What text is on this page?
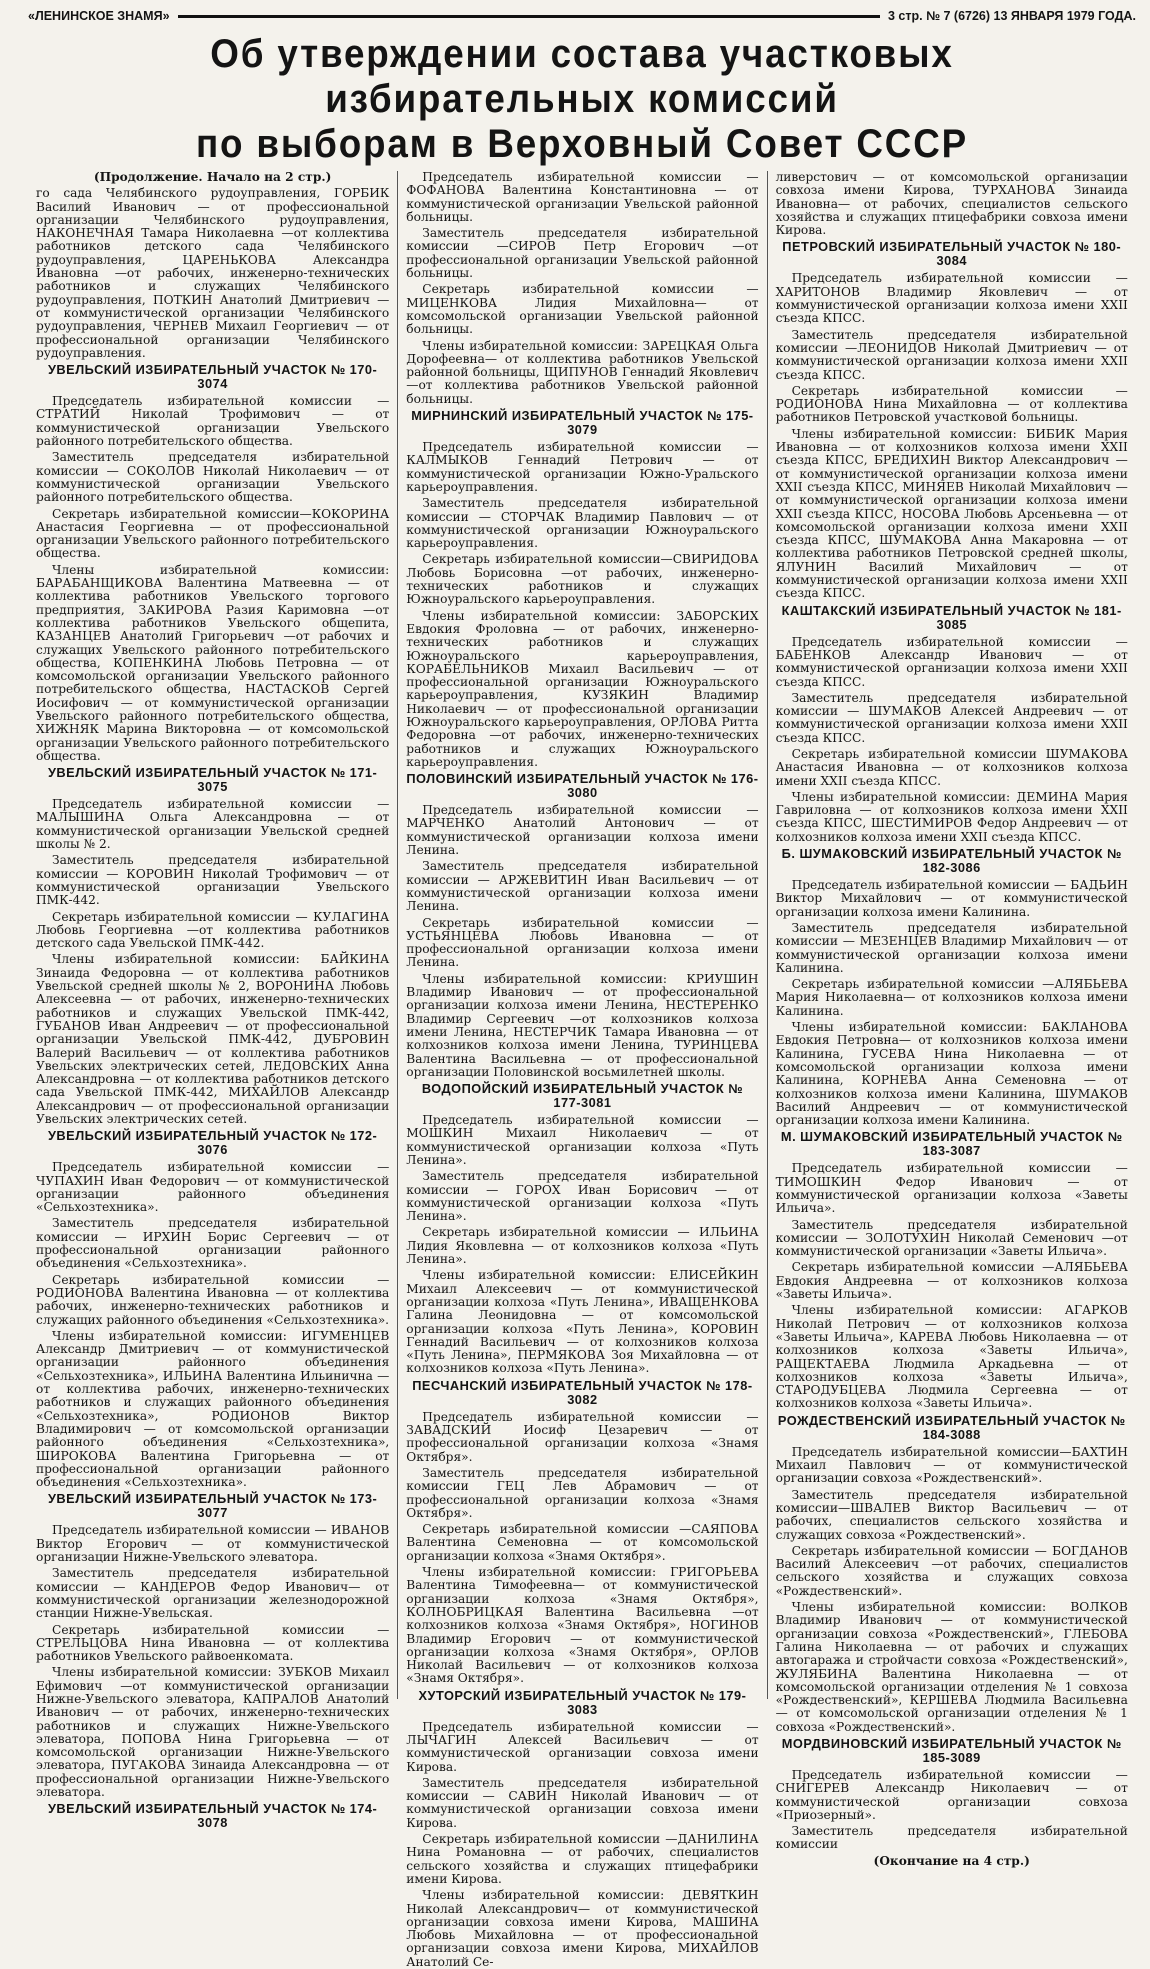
«ЛЕНИНСКОЕ ЗНАМЯ»	3 стр. № 7 (6726) 13 ЯНВАРЯ 1979 ГОДА.
Об утверждении состава участковых избирательных комиссий
по выборам в Верховный Совет СССР

(Продолжение. Начало на 2 стр.)

го сада Челябинского рудоуправления, ГОРБИК Василий Иванович — от профессиональной организации Челябинского рудоуправления, НАКОНЕЧНАЯ Тамара Николаевна —от коллектива работников детского сада Челябинского рудоуправления, ЦАРЕНЬКОВА Александра Ивановна —от рабочих, инженерно-технических работников и служащих Челябинского рудоуправления, ПОТКИН Анатолий Дмитриевич — от коммунистической организации Челябинского рудоуправления, ЧЕРНЕВ Михаил Георгиевич — от профессиональной организации Челябинского рудоуправления.

УВЕЛЬСКИЙ ИЗБИРАТЕЛЬНЫЙ УЧАСТОК № 170-3074

Председатель избирательной комиссии —СТРАТИЙ Николай Трофимович — от коммунистической организации Увельского районного потребительского общества.

Заместитель председателя избирательной комиссии — СОКОЛОВ Николай Николаевич — от коммунистической организации Увельского районного потребительского общества.

Секретарь избирательной комиссии—КОКОРИНА Анастасия Георгиевна — от профессиональной организации Увельского районного потребительского общества.

Члены избирательной комиссии: БАРАБАНЩИКОВА Валентина Матвеевна — от коллектива работников Увельского торгового предприятия, ЗАКИРОВА Разия Каримовна —от коллектива работников Увельского общепита, КАЗАНЦЕВ Анатолий Григорьевич —от рабочих и служащих Увельского районного потребительского общества, КОПЕНКИНА Любовь Петровна — от комсомольской организации Увельского районного потребительского общества, НАСТАСКОВ Сергей Иосифович — от коммунистической организации Увельского районного потребительского общества, ХИЖНЯК Марина Викторовна — от комсомольской организации Увельского районного потребительского общества.

УВЕЛЬСКИЙ ИЗБИРАТЕЛЬНЫЙ УЧАСТОК № 171-3075

Председатель избирательной комиссии — МАЛЫШИНА Ольга Александровна — от коммунистической организации Увельской средней школы № 2.

Заместитель председателя избирательной комиссии — КОРОВИН Николай Трофимович — от коммунистической организации Увельского ПМК-442.

Секретарь избирательной комиссии — КУЛАГИНА Любовь Георгиевна —от коллектива работников детского сада Увельской ПМК-442.

Члены избирательной комиссии: БАЙКИНА Зинаида Федоровна — от коллектива работников Увельской средней школы № 2, ВОРОНИНА Любовь Алексеевна — от рабочих, инженерно-технических работников и служащих Увельской ПМК-442, ГУБАНОВ Иван Андреевич — от профессиональной организации Увельской ПМК-442, ДУБРОВИН Валерий Васильевич — от коллектива работников Увельских электрических сетей, ЛЕДОВСКИХ Анна Александровна — от коллектива работников детского сада Увельской ПМК-442, МИХАЙЛОВ Александр Александрович — от профессиональной организации Увельских электрических сетей.

УВЕЛЬСКИЙ ИЗБИРАТЕЛЬНЫЙ УЧАСТОК № 172-3076

Председатель избирательной комиссии —ЧУПАХИН Иван Федорович — от коммунистической организации районного объединения «Сельхозтехника».

Заместитель председателя избирательной комиссии — ИРХИН Борис Сергеевич — от профессиональной организации районного объединения «Сельхозтехника».

Секретарь избирательной комиссии —РОДИОНОВА Валентина Ивановна — от коллектива рабочих, инженерно-технических работников и служащих районного объединения «Сельхозтехника».

Члены избирательной комиссии: ИГУМЕНЦЕВ Александр Дмитриевич — от коммунистической организации районного объединения «Сельхозтехника», ИЛЬИНА Валентина Ильинична — от коллектива рабочих, инженерно-технических работников и служащих районного объединения «Сельхозтехника», РОДИОНОВ Виктор Владимирович — от комсомольской организации районного объединения «Сельхозтехника», ШИРОКОВА Валентина Григорьевна — от профессиональной организации районного объединения «Сельхозтехника».

УВЕЛЬСКИЙ ИЗБИРАТЕЛЬНЫЙ УЧАСТОК № 173-3077

Председатель избирательной комиссии — ИВАНОВ Виктор Егорович — от коммунистической организации Нижне-Увельского элеватора.

Заместитель председателя избирательной комиссии — КАНДЕРОВ Федор Иванович— от коммунистической организации железнодорожной станции Нижне-Увельская.

Секретарь избирательной комиссии — СТРЕЛЬЦОВА Нина Ивановна — от коллектива работников Увельского райвоенкомата.

Члены избирательной комиссии: ЗУБКОВ Михаил Ефимович —от коммунистической организации Нижне-Увельского элеватора, КАПРАЛОВ Анатолий Иванович — от рабочих, инженерно-технических работников и служащих Нижне-Увельского элеватора, ПОПОВА Нина Григорьевна — от комсомольской организации Нижне-Увельского элеватора, ПУГАКОВА Зинаида Александровна — от профессиональной организации Нижне-Увельского элеватора.

УВЕЛЬСКИЙ ИЗБИРАТЕЛЬНЫЙ УЧАСТОК № 174-3078

Председатель избирательной комиссии —ФОФАНОВА Валентина Константиновна — от коммунистической организации Увельской районной больницы.

Заместитель председателя избирательной комиссии —СИРОВ Петр Егорович —от профессиональной организации Увельской районной больницы.

Секретарь избирательной комиссии — МИЦЕНКОВА Лидия Михайловна— от комсомольской организации Увельской районной больницы.

Члены избирательной комиссии: ЗАРЕЦКАЯ Ольга Дорофеевна— от коллектива работников Увельской районной больницы, ЩИПУНОВ Геннадий Яковлевич—от коллектива работников Увельской районной больницы.

МИРНИНСКИЙ ИЗБИРАТЕЛЬНЫЙ УЧАСТОК № 175-3079

Председатель избирательной комиссии —КАЛМЫКОВ Геннадий Петрович — от коммунистической организации Южно-Уральского карьероуправления.

Заместитель председателя избирательной комиссии — СТОРЧАК Владимир Павлович — от коммунистической организации Южноуральского карьероуправления.

Секретарь избирательной комиссии—СВИРИДОВА Любовь Борисовна —от рабочих, инженерно-технических работников и служащих Южноуральского карьероуправления.

Члены избирательной комиссии: ЗАБОРСКИХ Евдокия Фроловна — от рабочих, инженерно-технических работников и служащих Южноуральского карьероуправления, КОРАБЕЛЬНИКОВ Михаил Васильевич — от профессиональной организации Южноуральского карьероуправления, КУЗЯКИН Владимир Николаевич — от профессиональной организации Южноуральского карьероуправления, ОРЛОВА Ритта Федоровна —от рабочих, инженерно-технических работников и служащих Южноуральского карьероуправления.

ПОЛОВИНСКИЙ ИЗБИРАТЕЛЬНЫЙ УЧАСТОК № 176-3080

Председатель избирательной комиссии —МАРЧЕНКО Анатолий Антонович — от коммунистической организации колхоза имени Ленина.

Заместитель председателя избирательной комиссии — АРЖЕВИТИН Иван Васильевич — от коммунистической организации колхоза имени Ленина.

Секретарь избирательной комиссии — УСТЬЯНЦЕВА Любовь Ивановна — от профессиональной организации колхоза имени Ленина.

Члены избирательной комиссии: КРИУШИН Владимир Иванович — от профессиональной организации колхоза имени Ленина, НЕСТЕРЕНКО Владимир Сергеевич —от колхозников колхоза имени Ленина, НЕСТЕРЧИК Тамара Ивановна — от колхозников колхоза имени Ленина, ТУРИНЦЕВА Валентина Васильевна — от профессиональной организации Половинской восьмилетней школы.

ВОДОПОЙСКИЙ ИЗБИРАТЕЛЬНЫЙ УЧАСТОК № 177-3081

Председатель избирательной комиссии —МОШКИН Михаил Николаевич — от коммунистической организации колхоза «Путь Ленина».

Заместитель председателя избирательной комиссии — ГОРОХ Иван Борисович — от коммунистической организации колхоза «Путь Ленина».

Секретарь избирательной комиссии — ИЛЬИНА Лидия Яковлевна — от колхозников колхоза «Путь Ленина».

Члены избирательной комиссии: ЕЛИСЕЙКИН Михаил Алексеевич — от коммунистической организации колхоза «Путь Ленина», ИВАЩЕНКОВА Галина Леонидовна — от комсомольской организации колхоза «Путь Ленина», КОРОВИН Геннадий Васильевич — от колхозников колхоза «Путь Ленина», ПЕРМЯКОВА Зоя Михайловна — от колхозников колхоза «Путь Ленина».

ПЕСЧАНСКИЙ ИЗБИРАТЕЛЬНЫЙ УЧАСТОК № 178-3082

Председатель избирательной комиссии —ЗАВАДСКИЙ Иосиф Цезаревич — от профессиональной организации колхоза «Знамя Октября».

Заместитель председателя избирательной комиссии ГЕЦ Лев Абрамович — от профессиональной организации колхоза «Знамя Октября».

Секретарь избирательной комиссии —САЯПОВА Валентина Семеновна — от комсомольской организации колхоза «Знамя Октября».

Члены избирательной комиссии: ГРИГОРЬЕВА Валентина Тимофеевна— от коммунистической организации колхоза «Знамя Октября», КОЛНОБРИЦКАЯ Валентина Васильевна —от колхозников колхоза «Знамя Октября», НОГИНОВ Владимир Егорович — от коммунистической организации колхоза «Знамя Октября», ОРЛОВ Николай Васильевич — от колхозников колхоза «Знамя Октября».

ХУТОРСКИЙ ИЗБИРАТЕЛЬНЫЙ УЧАСТОК № 179-3083

Председатель избирательной комиссии —ЛЫЧАГИН Алексей Васильевич — от коммунистической организации совхоза имени Кирова.

Заместитель председателя избирательной комиссии — САВИН Николай Иванович — от коммунистической организации совхоза имени Кирова.

Секретарь избирательной комиссии —ДАНИЛИНА Нина Романовна — от рабочих, специалистов сельского хозяйства и служащих птицефабрики имени Кирова.

Члены избирательной комиссии: ДЕВЯТКИН Николай Александрович— от коммунистической организации совхоза имени Кирова, МАШИНА Любовь Михайловна — от профессиональной организации совхоза имени Кирова, МИХАЙЛОВ Анатолий Се-

ливерстович — от комсомольской организации совхоза имени Кирова, ТУРХАНОВА Зинаида Ивановна— от рабочих, специалистов сельского хозяйства и служащих птицефабрики совхоза имени Кирова.

ПЕТРОВСКИЙ ИЗБИРАТЕЛЬНЫЙ УЧАСТОК № 180-3084

Председатель избирательной комиссии —ХАРИТОНОВ Владимир Яковлевич — от коммунистической организации колхоза имени XXII съезда КПСС.

Заместитель председателя избирательной комиссии —ЛЕОНИДОВ Николай Дмитриевич — от коммунистической организации колхоза имени XXII съезда КПСС.

Секретарь избирательной комиссии —РОДИОНОВА Нина Михайловна — от коллектива работников Петровской участковой больницы.

Члены избирательной комиссии: БИБИК Мария Ивановна — от колхозников колхоза имени XXII съезда КПСС, БРЕДИХИН Виктор Александрович — от коммунистической организации колхоза имени XXII съезда КПСС, МИНЯЕВ Николай Михайлович — от коммунистической организации колхоза имени XXII съезда КПСС, НОСОВА Любовь Арсеньевна — от комсомольской организации колхоза имени XXII съезда КПСС, ШУМАКОВА Анна Макаровна — от коллектива работников Петровской средней школы, ЯЛУНИН Василий Михайлович — от коммунистической организации колхоза имени XXII съезда КПСС.

КАШТАКСКИЙ ИЗБИРАТЕЛЬНЫЙ УЧАСТОК № 181-3085

Председатель избирательной комиссии —БАБЕНКОВ Александр Иванович — от коммунистической организации колхоза имени XXII съезда КПСС.

Заместитель председателя избирательной комиссии — ШУМАКОВ Алексей Андреевич — от коммунистической организации колхоза имени XXII съезда КПСС.

Секретарь избирательной комиссии ШУМАКОВА Анастасия Ивановна — от колхозников колхоза имени XXII съезда КПСС.

Члены избирательной комиссии: ДЕМИНА Мария Гавриловна — от колхозников колхоза имени XXII съезда КПСС, ШЕСТИМИРОВ Федор Андреевич — от колхозников колхоза имени XXII съезда КПСС.

Б. ШУМАКОВСКИЙ ИЗБИРАТЕЛЬНЫЙ УЧАСТОК № 182-3086

Председатель избирательной комиссии — БАДЬИН Виктор Михайлович — от коммунистической организации колхоза имени Калинина.

Заместитель председателя избирательной комиссии — МЕЗЕНЦЕВ Владимир Михайлович — от коммунистической организации колхоза имени Калинина.

Секретарь избирательной комиссии —АЛЯБЬЕВА Мария Николаевна— от колхозников колхоза имени Калинина.

Члены избирательной комиссии: БАКЛАНОВА Евдокия Петровна— от колхозников колхоза имени Калинина, ГУСЕВА Нина Николаевна — от комсомольской организации колхоза имени Калинина, КОРНЕВА Анна Семеновна — от колхозников колхоза имени Калинина, ШУМАКОВ Василий Андреевич — от коммунистической организации колхоза имени Калинина.

М. ШУМАКОВСКИЙ ИЗБИРАТЕЛЬНЫЙ УЧАСТОК № 183-3087

Председатель избирательной комиссии — ТИМОШКИН Федор Иванович — от коммунистической организации колхоза «Заветы Ильича».

Заместитель председателя избирательной комиссии — ЗОЛОТУХИН Николай Семенович —от коммунистической организации «Заветы Ильича».

Секретарь избирательной комиссии —АЛЯБЬЕВА Евдокия Андреевна — от колхозников колхоза «Заветы Ильича».

Члены избирательной комиссии: АГАРКОВ Николай Петрович — от колхозников колхоза «Заветы Ильича», КАРЕВА Любовь Николаевна — от колхозников колхоза «Заветы Ильича», РАЩЕКТАЕВА Людмила Аркадьевна — от колхозников колхоза «Заветы Ильича», СТАРОДУБЦЕВА Людмила Сергеевна — от колхозников колхоза «Заветы Ильича».

РОЖДЕСТВЕНСКИЙ ИЗБИРАТЕЛЬНЫЙ УЧАСТОК № 184-3088

Председатель избирательной комиссии—БАХТИН Михаил Павлович — от коммунистической организации совхоза «Рождественский».

Заместитель председателя избирательной комиссии—ШВАЛЕВ Виктор Васильевич — от рабочих, специалистов сельского хозяйства и служащих совхоза «Рождественский».

Секретарь избирательной комиссии — БОГДАНОВ Василий Алексеевич —от рабочих, специалистов сельского хозяйства и служащих совхоза «Рождественский».

Члены избирательной комиссии: ВОЛКОВ Владимир Иванович — от коммунистической организации совхоза «Рождественский», ГЛЕБОВА Галина Николаевна — от рабочих и служащих автогаража и стройчасти совхоза «Рождественский», ЖУЛЯБИНА Валентина Николаевна — от комсомольской организации отделения № 1 совхоза «Рождественский», КЕРШЕВА Людмила Васильевна — от комсомольской организации отделения № 1 совхоза «Рождественский».

МОРДВИНОВСКИЙ ИЗБИРАТЕЛЬНЫЙ УЧАСТОК № 185-3089

Председатель избирательной комиссии — СНИГЕРЕВ Александр Николаевич — от коммунистической организации совхоза «Приозерный».

Заместитель председателя избирательной комиссии

(Окончание на 4 стр.)
